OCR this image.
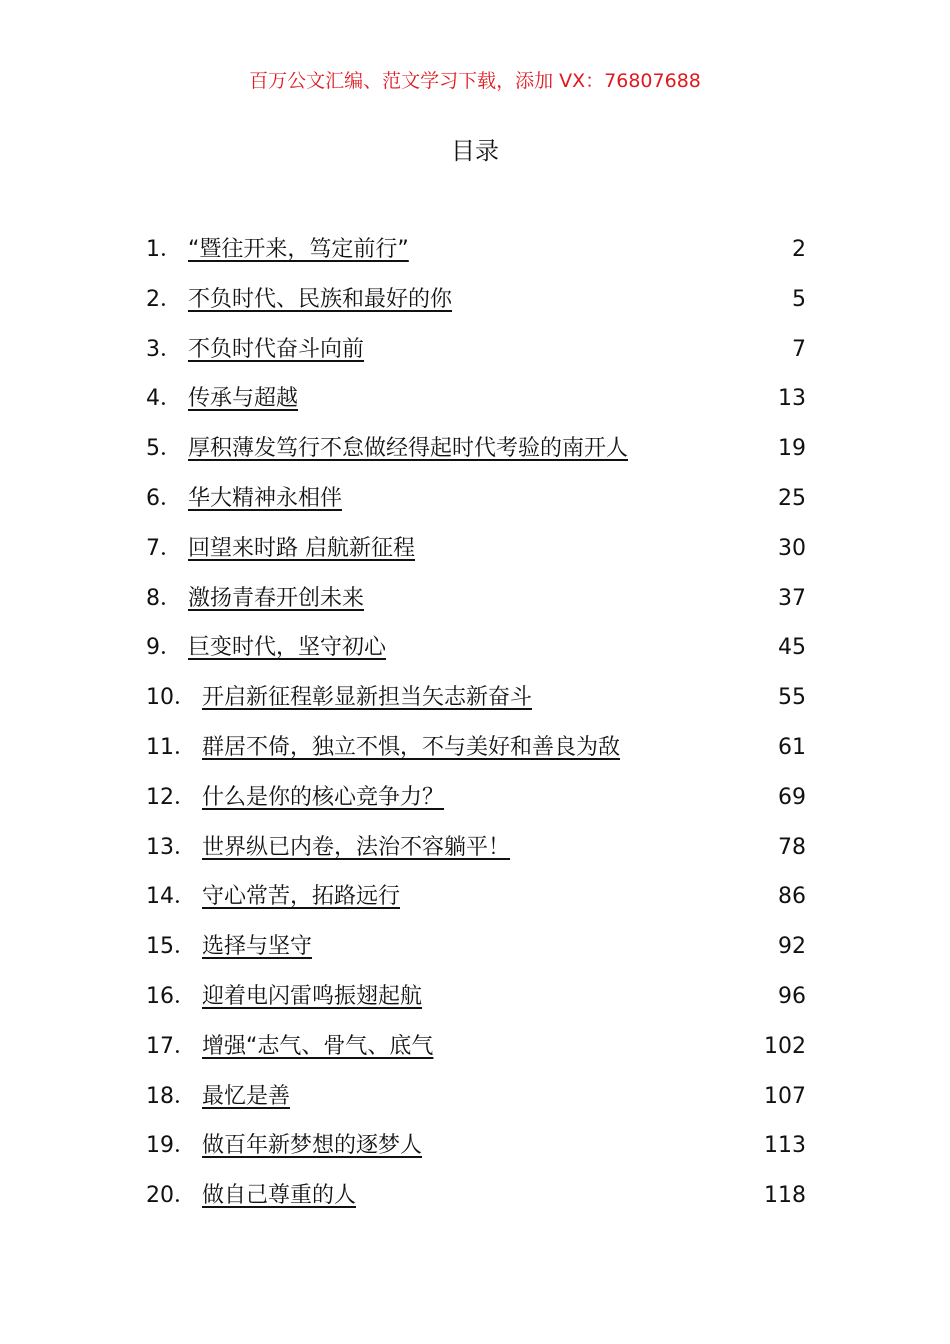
百万公文汇编、范文学习下载，添加 VX：76807688
目录
1． “暨往开来，笃定前行”	2
2． 不负时代、民族和最好的你	5
3． 不负时代奋斗向前	7
4． 传承与超越	13
5． 厚积薄发笃行不怠做经得起时代考验的南开人	19
6． 华大精神永相伴	25
7． 回望来时路 启航新征程	30
8． 激扬青春开创未来	37
9． 巨变时代，坚守初心	45
10． 开启新征程彰显新担当矢志新奋斗	55
11． 群居不倚，独立不惧，不与美好和善良为敌	61
12． 什么是你的核心竞争力？	69
13． 世界纵已内卷，法治不容躺平！	78
14． 守心常苦，拓路远行	86
15． 选择与坚守	92
16． 迎着电闪雷鸣振翅起航	96
17． 增强“志气、骨气、底气	102
18． 最忆是善	107
19． 做百年新梦想的逐梦人	113
20． 做自己尊重的人	118
